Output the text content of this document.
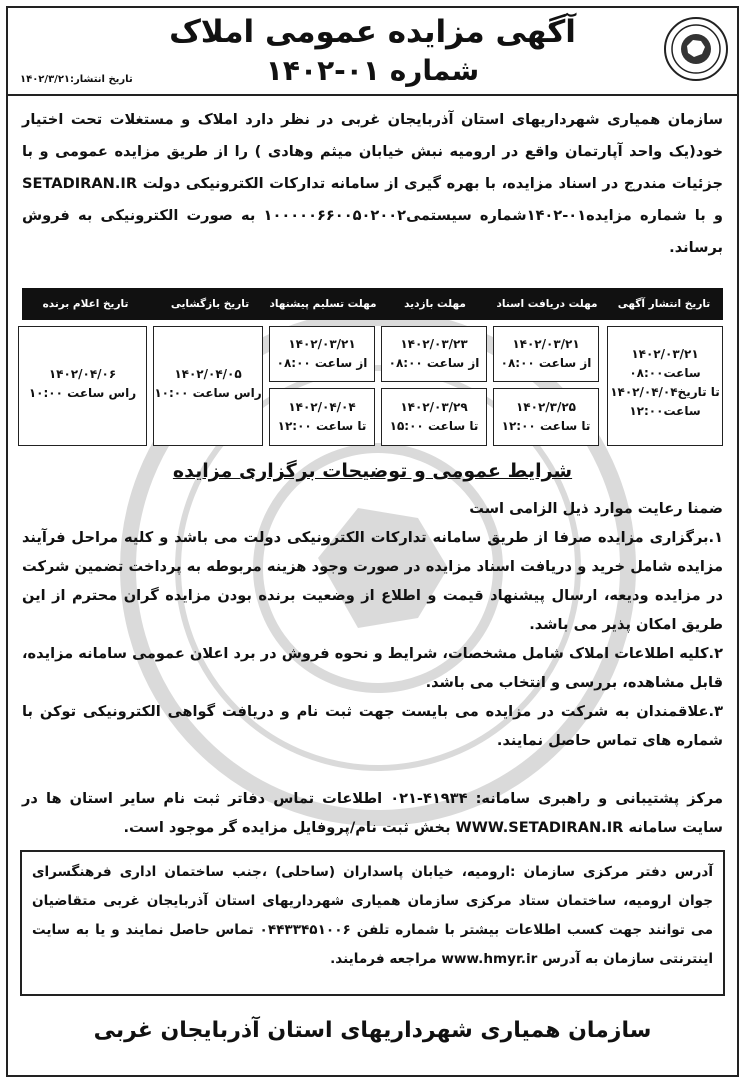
آگهی مزایده عمومی املاک
شماره ۰۱-۱۴۰۲
تاریخ انتشار:۱۴۰۲/۳/۲۱
سازمان همیاری شهرداریهای استان آذربایجان غربی در نظر دارد املاک و مستغلات تحت اختیار خود(یک واحد آپارتمان واقع در ارومیه نبش خیابان میثم وهادی ) را از طریق مزایده عمومی و با جزئیات مندرج در اسناد مزایده، با بهره گیری از سامانه تدارکات الکترونیکی دولت SETADIRAN.IR و با شماره مزایده۰۱-۱۴۰۲شماره سیستمی۱۰۰۰۰۰۶۶۰۰۵۰۲۰۰۲ به صورت الکترونیکی به فروش برساند.
تاریخ انتشار آگهی
مهلت دریافت اسناد
مهلت بازدید
مهلت تسلیم پیشنهاد
تاریخ بازگشایی
تاریخ اعلام برنده
۱۴۰۲/۰۳/۲۱
ساعت۰۸:۰۰
تا تاریخ۱۴۰۲/۰۴/۰۴
ساعت۱۲:۰۰
۱۴۰۲/۰۳/۲۱
از ساعت ۰۸:۰۰
۱۴۰۲/۳/۲۵
تا ساعت ۱۲:۰۰
۱۴۰۲/۰۳/۲۳
از ساعت ۰۸:۰۰
۱۴۰۲/۰۳/۲۹
تا ساعت ۱۵:۰۰
۱۴۰۲/۰۳/۲۱
از ساعت ۰۸:۰۰
۱۴۰۲/۰۴/۰۴
تا ساعت ۱۲:۰۰
۱۴۰۲/۰۴/۰۵
راس ساعت ۱۰:۰۰
۱۴۰۲/۰۴/۰۶
راس ساعت ۱۰:۰۰
شرایط عمومی و توضیحات برگزاری مزایده

ضمنا رعایت موارد ذیل الزامی است

۱.برگزاری مزایده صرفا از طریق سامانه تدارکات الکترونیکی دولت می باشد و کلیه مراحل فرآیند مزایده شامل خرید و دریافت اسناد مزایده در صورت وجود هزینه مربوطه به پرداخت تضمین شرکت در مزایده ودیعه، ارسال پیشنهاد قیمت و اطلاع از وضعیت برنده بودن مزایده گران محترم از این طریق امکان پذیر می باشد.

۲.کلیه اطلاعات املاک شامل مشخصات، شرایط و نحوه فروش در برد اعلان عمومی سامانه مزایده، قابل مشاهده، بررسی و انتخاب می باشد.

۳.علاقمندان به شرکت در مزایده می بایست جهت ثبت نام و دریافت گواهی الکترونیکی توکن با شماره های تماس حاصل نمایند.

مرکز پشتیبانی و راهبری سامانه: ۴۱۹۳۴-۰۲۱ اطلاعات تماس دفاتر ثبت نام سایر استان ها در سایت سامانه WWW.SETADIRAN.IR بخش ثبت نام/پروفایل مزایده گر موجود است.
آدرس دفتر مرکزی سازمان :ارومیه، خیابان پاسداران (ساحلی) ،جنب ساختمان اداری فرهنگسرای جوان ارومیه، ساختمان ستاد مرکزی سازمان همیاری شهرداریهای استان آذربایجان غربی متقاضیان می توانند جهت کسب اطلاعات بیشتر با شماره تلفن ۰۴۴۳۳۴۵۱۰۰۶ تماس حاصل نمایند و یا به سایت اینترنتی سازمان به آدرس www.hmyr.ir مراجعه فرمایند.
سازمان همیاری شهرداریهای استان آذربایجان غربی
